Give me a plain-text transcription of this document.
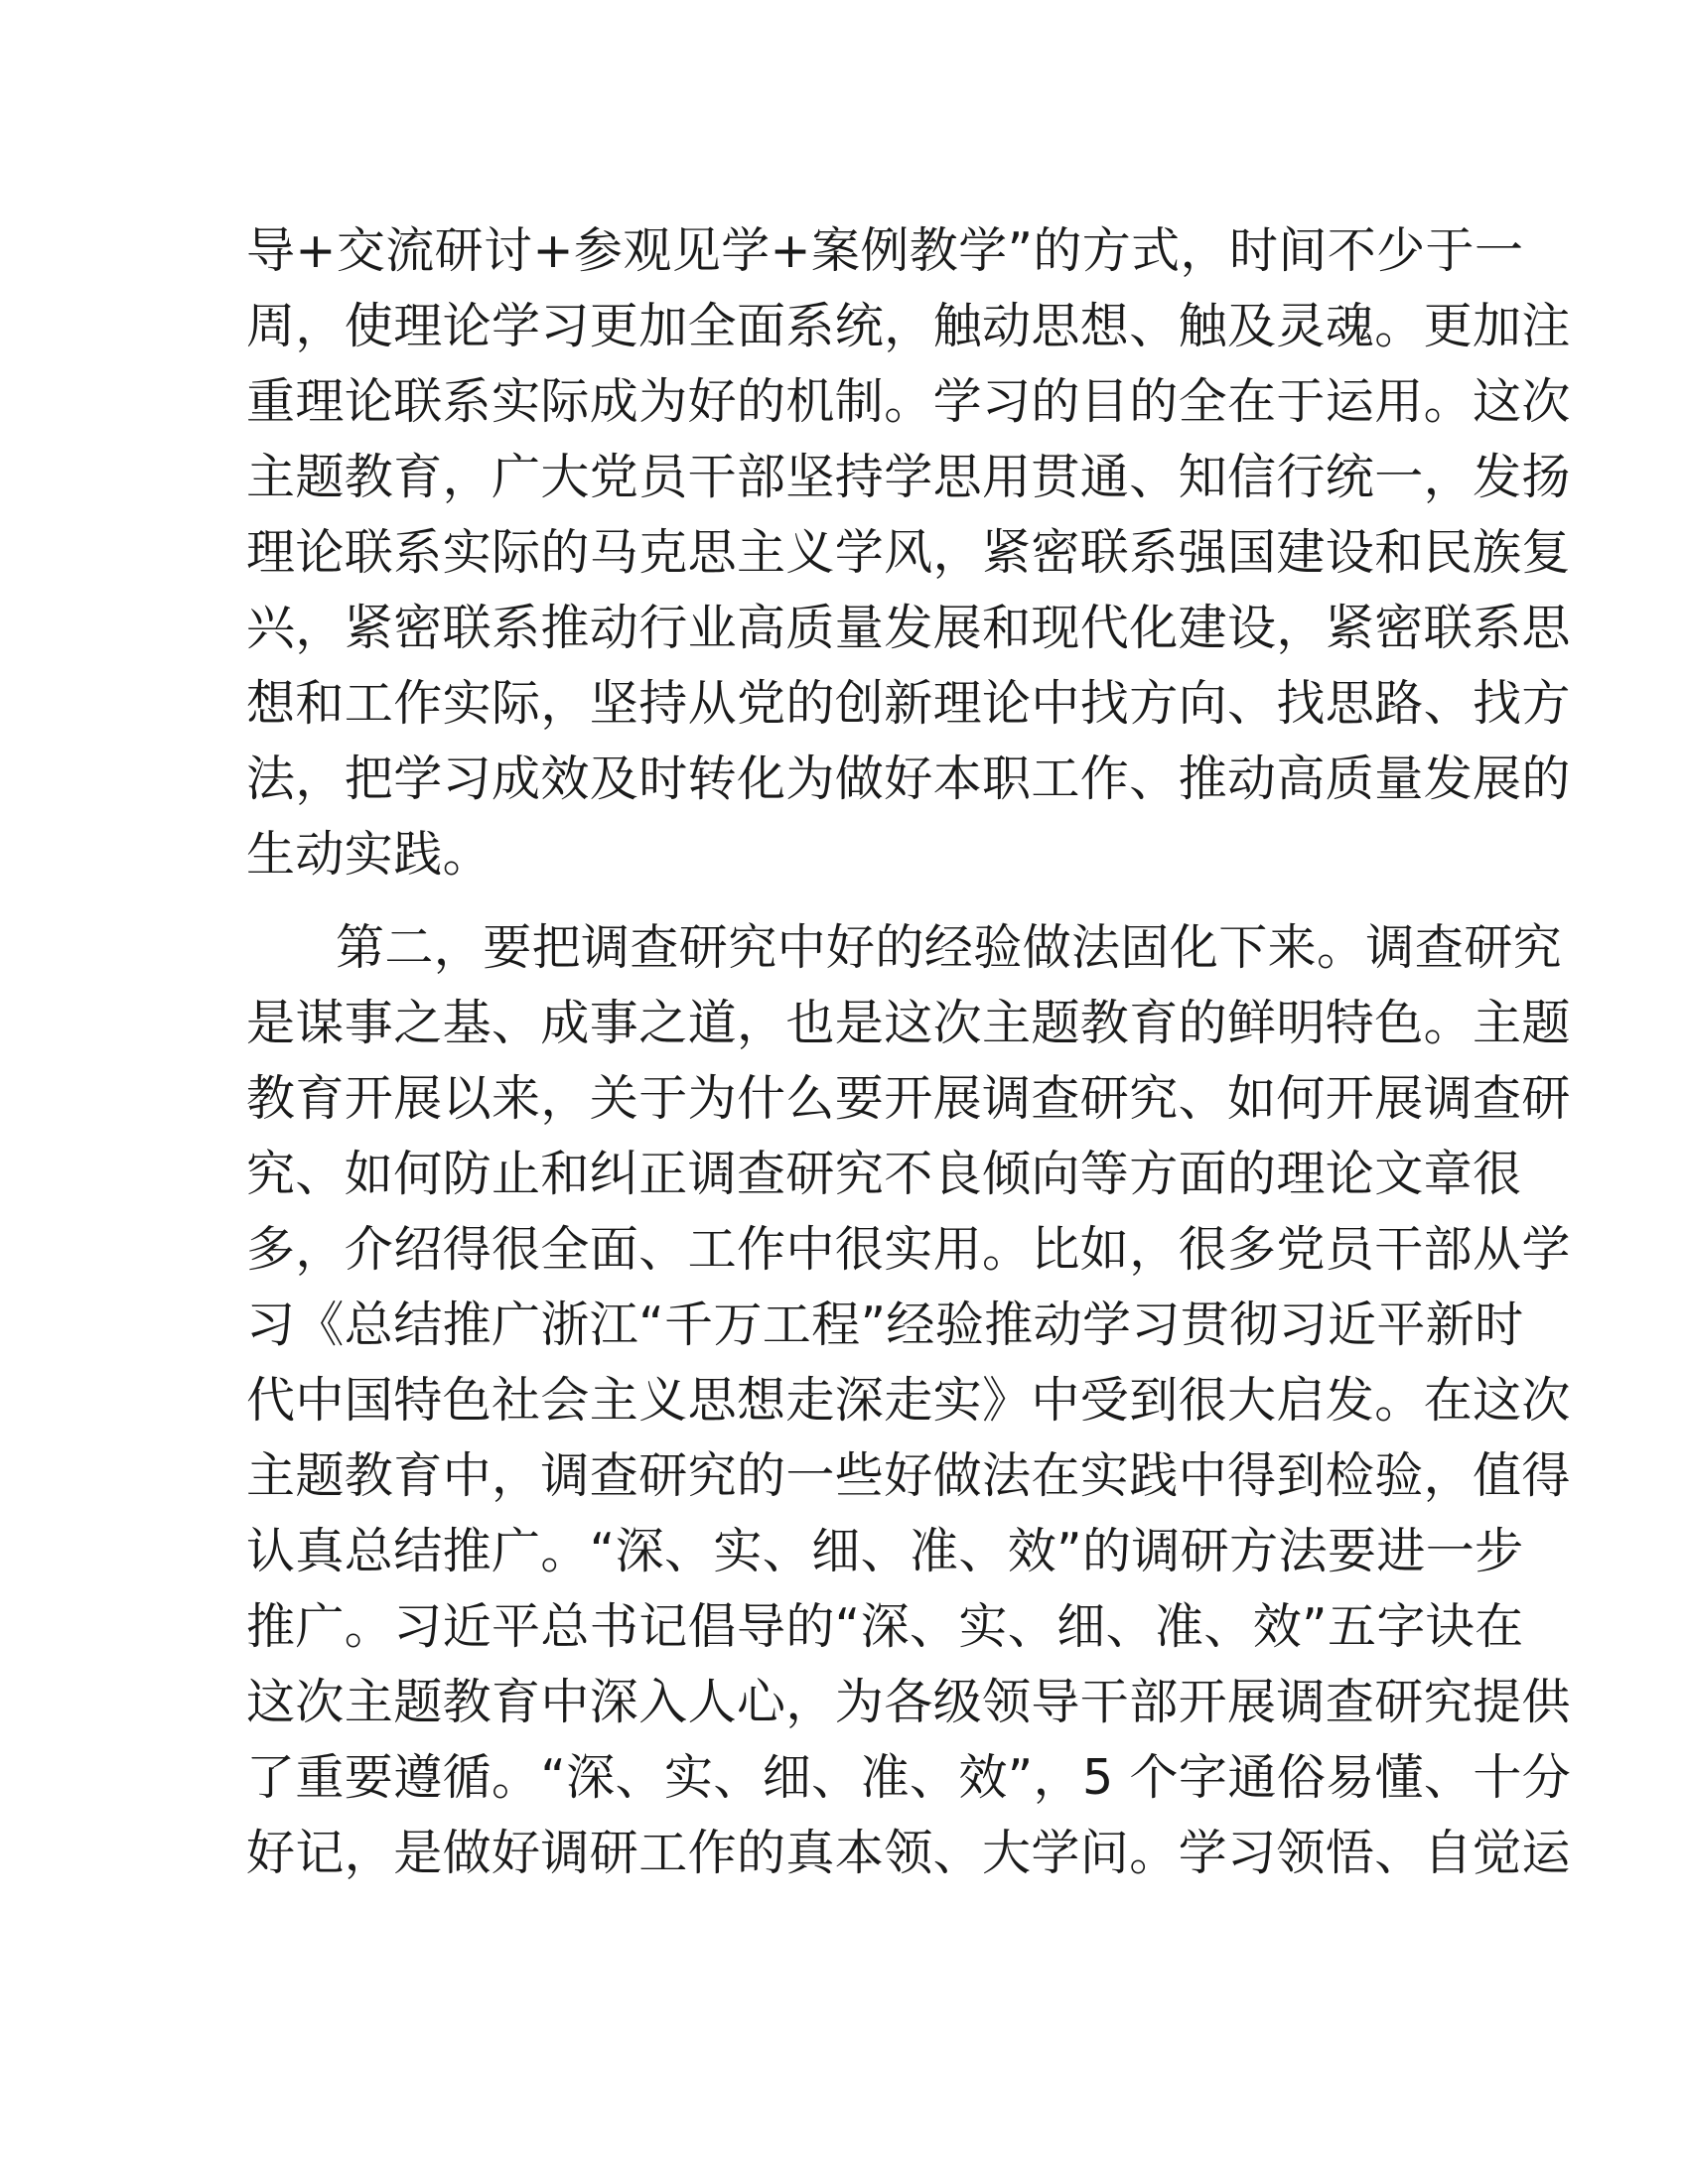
导+交流研讨+参观见学+案例教学”的方式，时间不少于一
周，使理论学习更加全面系统，触动思想、触及灵魂。更加注
重理论联系实际成为好的机制。学习的目的全在于运用。这次
主题教育，广大党员干部坚持学思用贯通、知信行统一，发扬
理论联系实际的马克思主义学风，紧密联系强国建设和民族复
兴，紧密联系推动行业高质量发展和现代化建设，紧密联系思
想和工作实际，坚持从党的创新理论中找方向、找思路、找方
法，把学习成效及时转化为做好本职工作、推动高质量发展的
生动实践。
第二，要把调查研究中好的经验做法固化下来。调查研究
是谋事之基、成事之道，也是这次主题教育的鲜明特色。主题
教育开展以来，关于为什么要开展调查研究、如何开展调查研
究、如何防止和纠正调查研究不良倾向等方面的理论文章很
多，介绍得很全面、工作中很实用。比如，很多党员干部从学
习《总结推广浙江“千万工程”经验推动学习贯彻习近平新时
代中国特色社会主义思想走深走实》中受到很大启发。在这次
主题教育中，调查研究的一些好做法在实践中得到检验，值得
认真总结推广。“深、实、细、准、效”的调研方法要进一步
推广。习近平总书记倡导的“深、实、细、准、效”五字诀在
这次主题教育中深入人心，为各级领导干部开展调查研究提供
了重要遵循。“深、实、细、准、效”，5 个字通俗易懂、十分
好记，是做好调研工作的真本领、大学问。学习领悟、自觉运
